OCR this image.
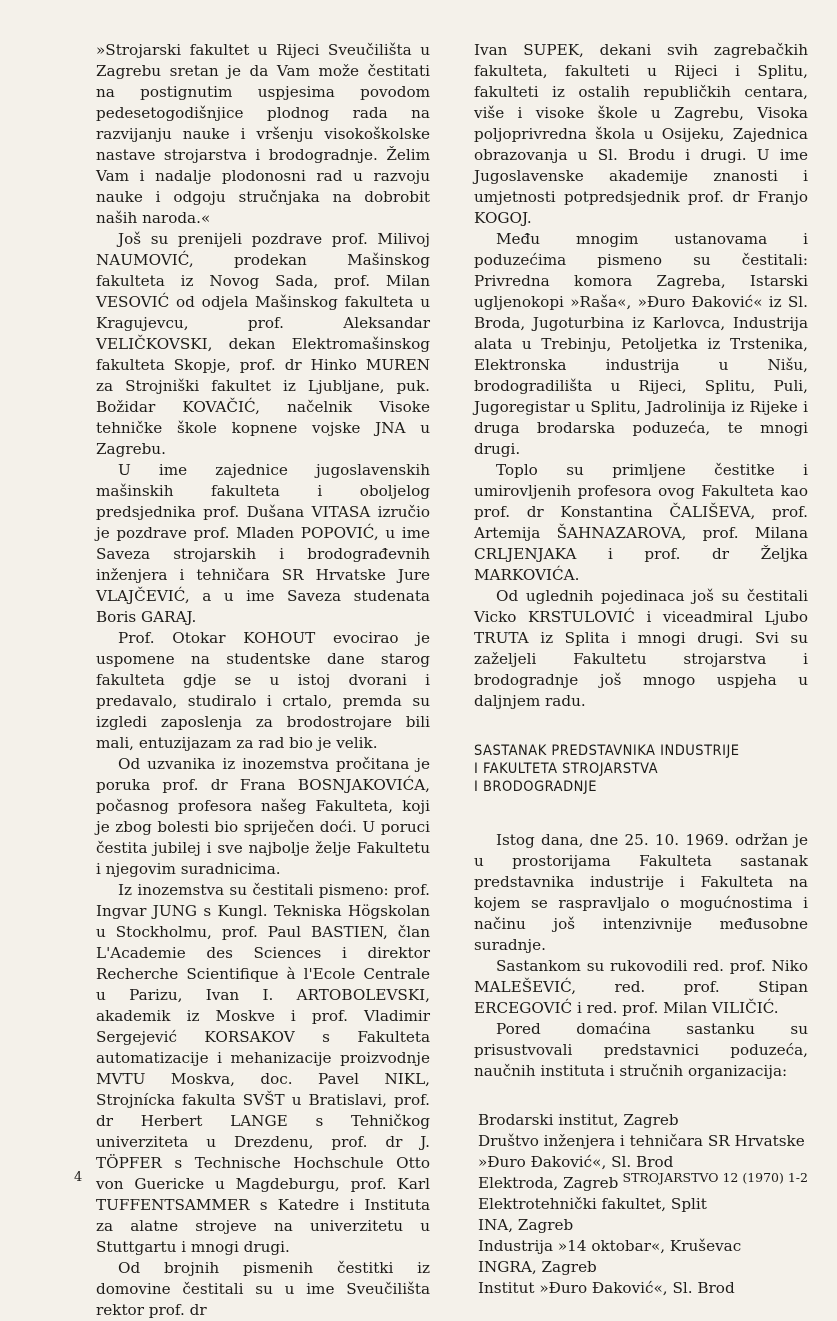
»Strojarski fakultet u Rijeci Sveučilišta u Zagrebu sretan je da Vam može čestitati na postignutim uspjesima povodom pedesetogodišnjice plodnog rada na razvijanju nauke i vršenju visokoškolske nastave strojarstva i brodogradnje. Želim Vam i nadalje plodonosni rad u razvoju nauke i odgoju stručnjaka na dobrobit naših naroda.«

Još su prenijeli pozdrave prof. Milivoj NAUMOVIĆ, prodekan Mašinskog fakulteta iz Novog Sada, prof. Milan VESOVIĆ od odjela Mašinskog fakulteta u Kragujevcu, prof. Aleksandar VELIČKOVSKI, dekan Elektromašinskog fakulteta Skopje, prof. dr Hinko MUREN za Strojniški fakultet iz Ljubljane, puk. Božidar KOVAČIĆ, načelnik Visoke tehničke škole kopnene vojske JNA u Zagrebu.

U ime zajednice jugoslavenskih mašinskih fakulteta i oboljelog predsjednika prof. Dušana VITASA izručio je pozdrave prof. Mladen POPOVIĆ, u ime Saveza strojarskih i brodograđevnih inženjera i tehničara SR Hrvatske Jure VLAJČEVIĆ, a u ime Saveza studenata Boris GARAJ.

Prof. Otokar KOHOUT evocirao je uspomene na studentske dane starog fakulteta gdje se u istoj dvorani i predavalo, studiralo i crtalo, premda su izgledi zaposlenja za brodostrojare bili mali, entuzijazam za rad bio je velik.

Od uzvanika iz inozemstva pročitana je poruka prof. dr Frana BOSNJAKOVIĆA, počasnog profesora našeg Fakulteta, koji je zbog bolesti bio spriječen doći. U poruci čestita jubilej i sve najbolje želje Fakultetu i njegovim suradnicima.

Iz inozemstva su čestitali pismeno: prof. Ingvar JUNG s Kungl. Tekniska Högskolan u Stockholmu, prof. Paul BASTIEN, član L'Academie des Sciences i direktor Recherche Scientifique à l'Ecole Centrale u Parizu, Ivan I. ARTOBOLEVSKI, akademik iz Moskve i prof. Vladimir Sergejević KORSAKOV s Fakulteta automatizacije i mehanizacije proizvodnje MVTU Moskva, doc. Pavel NIKL, Strojnícka fakulta SVŠT u Bratislavi, prof. dr Herbert LANGE s Tehničkog univerziteta u Drezdenu, prof. dr J. TÖPFER s Technische Hochschule Otto von Guericke u Magdeburgu, prof. Karl TUFFENTSAMMER s Katedre i Instituta za alatne strojeve na univerzitetu u Stuttgartu i mnogi drugi.

Od brojnih pismenih čestitki iz domovine čestitali su u ime Sveučilišta rektor prof. dr

Ivan SUPEK, dekani svih zagrebačkih fakulteta, fakulteti u Rijeci i Splitu, fakulteti iz ostalih republičkih centara, više i visoke škole u Zagrebu, Visoka poljoprivredna škola u Osijeku, Zajednica obrazovanja u Sl. Brodu i drugi. U ime Jugoslavenske akademije znanosti i umjetnosti potpredsjednik prof. dr Franjo KOGOJ.

Među mnogim ustanovama i poduzećima pismeno su čestitali: Privredna komora Zagreba, Istarski ugljenokopi »Raša«, »Đuro Đaković« iz Sl. Broda, Jugoturbina iz Karlovca, Industrija alata u Trebinju, Petoljetka iz Trstenika, Elektronska industrija u Nišu, brodogradilišta u Rijeci, Splitu, Puli, Jugoregistar u Splitu, Jadrolinija iz Rijeke i druga brodarska poduzeća, te mnogi drugi.

Toplo su primljene čestitke i umirovljenih profesora ovog Fakulteta kao prof. dr Konstantina ČALIŠEVA, prof. Artemija ŠAHNAZAROVA, prof. Milana CRLJENJAKA i prof. dr Željka MARKOVIĆA.

Od uglednih pojedinaca još su čestitali Vicko KRSTULOVIĆ i viceadmiral Ljubo TRUTA iz Splita i mnogi drugi. Svi su zaželjeli Fakultetu strojarstva i brodogradnje još mnogo uspjeha u daljnjem radu.

SASTANAK PREDSTAVNIKA INDUSTRIJE
I FAKULTETA STROJARSTVA
I BRODOGRADNJE

Istog dana, dne 25. 10. 1969. održan je u prostorijama Fakulteta sastanak predstavnika industrije i Fakulteta na kojem se raspravljalo o mogućnostima i načinu još intenzivnije međusobne suradnje.

Sastankom su rukovodili red. prof. Niko MALEŠEVIĆ, red. prof. Stipan ERCEGOVIĆ i red. prof. Milan VILIČIĆ.

Pored domaćina sastanku su prisustvovali predstavnici poduzeća, naučnih instituta i stručnih organizacija:

Brodarski institut, Zagreb
Društvo inženjera i tehničara SR Hrvatske
»Đuro Đaković«, Sl. Brod
Elektroda, Zagreb
Elektrotehnički fakultet, Split
INA, Zagreb
Industrija »14 oktobar«, Kruševac
INGRA, Zagreb
Institut »Đuro Đaković«, Sl. Brod
4	STROJARSTVO 12 (1970) 1-2
